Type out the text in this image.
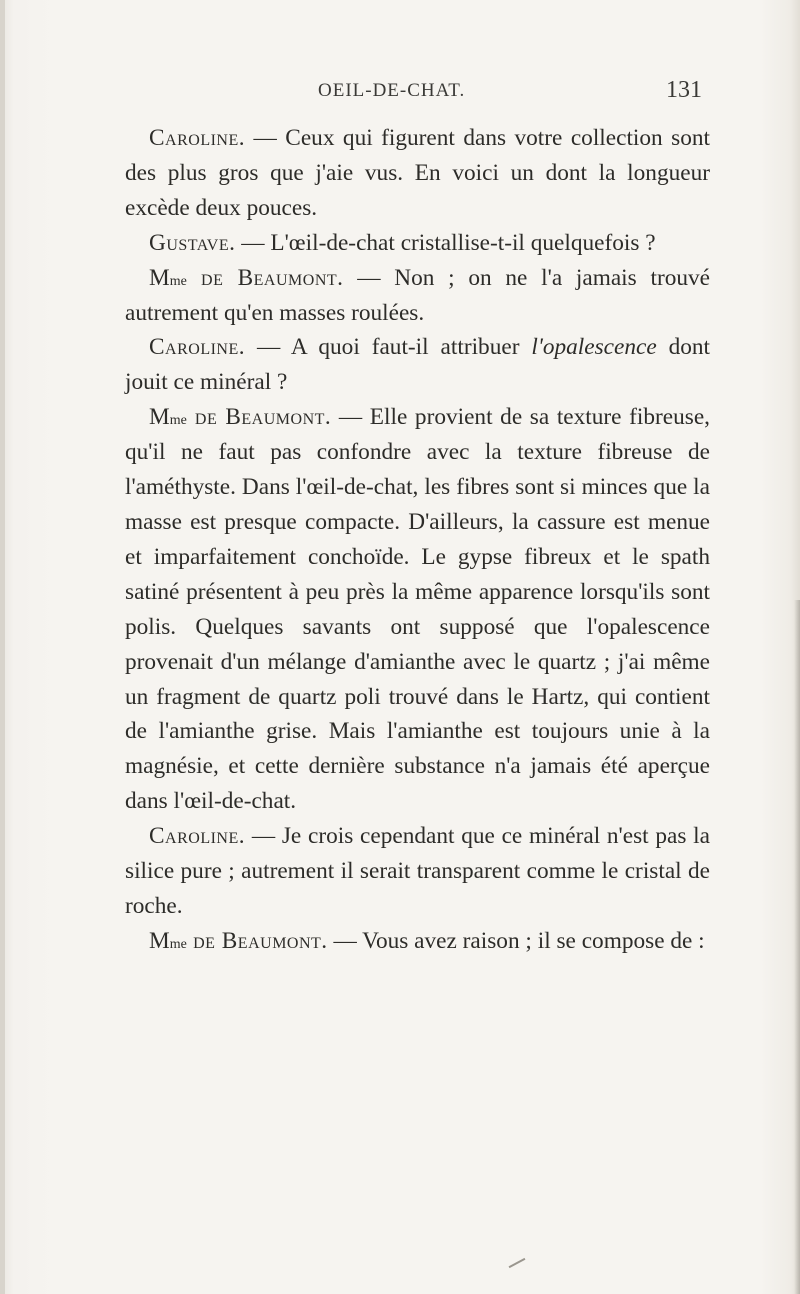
OEIL-DE-CHAT.	131

Caroline. — Ceux qui figurent dans votre collection sont des plus gros que j'aie vus. En voici un dont la longueur excède deux pouces.

Gustave. — L'œil-de-chat cristallise-t-il quelquefois ?

$M^{me}$ de Beaumont. — Non ; on ne l'a jamais trouvé autrement qu'en masses roulées.

Caroline. — A quoi faut-il attribuer l'opalescence dont jouit ce minéral ?

$M^{me}$ de Beaumont. — Elle provient de sa texture fibreuse, qu'il ne faut pas confondre avec la texture fibreuse de l'améthyste. Dans l'œil-de-chat, les fibres sont si minces que la masse est presque compacte. D'ailleurs, la cassure est menue et imparfaitement conchoïde. Le gypse fibreux et le spath satiné présentent à peu près la même apparence lorsqu'ils sont polis. Quelques savants ont supposé que l'opalescence provenait d'un mélange d'amianthe avec le quartz ; j'ai même un fragment de quartz poli trouvé dans le Hartz, qui contient de l'amianthe grise. Mais l'amianthe est toujours unie à la magnésie, et cette dernière substance n'a jamais été aperçue dans l'œil-de-chat.

Caroline. — Je crois cependant que ce minéral n'est pas la silice pure ; autrement il serait transparent comme le cristal de roche.

$M^{me}$ de Beaumont. — Vous avez raison ; il se compose de :
